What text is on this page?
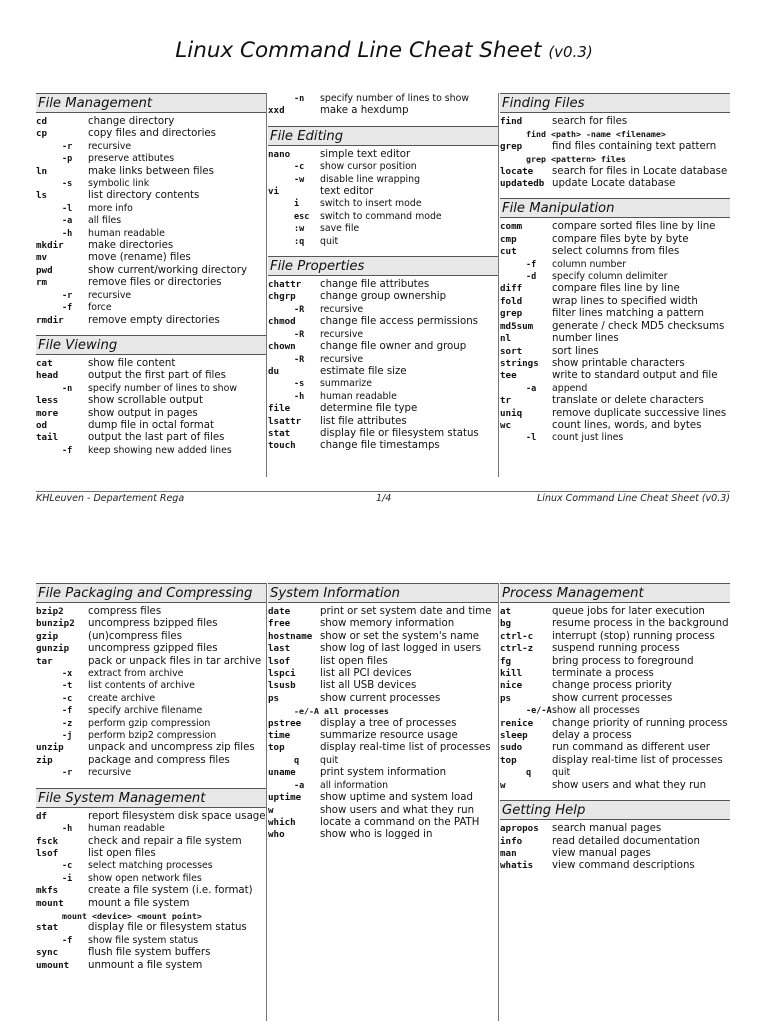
Linux Command Line Cheat Sheet (v0.3)
File Management
cd	change directory
cp	copy files and directories
-r	recursive
-p	preserve attibutes
ln	make links between files
-s	symbolic link
ls	list directory contents
-l	more info
-a	all files
-h	human readable
mkdir	make directories
mv	move (rename) files
pwd	show current/working directory
rm	remove files or directories
-r	recursive
-f	force
rmdir	remove empty directories
File Viewing
cat	show file content
head	output the first part of files
-n	specify number of lines to show
less	show scrollable output
more	show output in pages
od	dump file in octal format
tail	output the last part of files
-f	keep showing new added lines
-n	specify number of lines to show
xxd	make a hexdump
File Editing
nano	simple text editor
-c	show cursor position
-w	disable line wrapping
vi	text editor
i	switch to insert mode
esc	switch to command mode
:w	save file
:q	quit
File Properties
chattr	change file attributes
chgrp	change group ownership
-R	recursive
chmod	change file access permissions
-R	recursive
chown	change file owner and group
-R	recursive
du	estimate file size
-s	summarize
-h	human readable
file	determine file type
lsattr	list file attributes
stat	display file or filesystem status
touch	change file timestamps
Finding Files
find	search for files
find <path> -name <filename>
grep	find files containing text pattern
grep <pattern> files
locate	search for files in Locate database
updatedb update Locate database
File Manipulation
comm	compare sorted files line by line
cmp	compare files byte by byte
cut	select columns from files
-f	column number
-d	specify column delimiter
diff	compare files line by line
fold	wrap lines to specified width
grep	filter lines matching a pattern
md5sum	generate / check MD5 checksums
nl	number lines
sort	sort lines
strings	show printable characters
tee	write to standard output and file
-a	append
tr	translate or delete characters
uniq	remove duplicate successive lines
wc	count lines, words, and bytes
-l	count just lines
KHLeuven - Departement Rega	1/4	Linux Command Line Cheat Sheet (v0.3)
File Packaging and Compressing
bzip2	compress files
bunzip2	uncompress bzipped files
gzip	(un)compress files
gunzip	uncompress gzipped files
tar	pack or unpack files in tar archive
-x	extract from archive
-t	list contents of archive
-c	create archive
-f	specify archive filename
-z	perform gzip compression
-j	perform bzip2 compression
unzip	unpack and uncompress zip files
zip	package and compress files
-r	recursive
File System Management
df	report filesystem disk space usage
-h	human readable
fsck	check and repair a file system
lsof	list open files
-c	select matching processes
-i	show open network files
mkfs	create a file system (i.e. format)
mount	mount a file system
mount <device> <mount point>
stat	display file or filesystem status
-f	show file system status
sync	flush file system buffers
umount	unmount a file system
System Information
date	print or set system date and time
free	show memory information
hostname show or set the system's name
last	show log of last logged in users
lsof	list open files
lspci	list all PCI devices
lsusb	list all USB devices
ps	show current processes
-e/-A all processes
pstree	display a tree of processes
time	summarize resource usage
top	display real-time list of processes
q	quit
uname	print system information
-a	all information
uptime	show uptime and system load
w	show users and what they run
which	locate a command on the PATH
who	show who is logged in
Process Management
at	queue jobs for later execution
bg	resume process in the background
ctrl-c	interrupt (stop) running process
ctrl-z	suspend running process
fg	bring process to foreground
kill	terminate a process
nice	change process priority
ps	show current processes
-e/-A show all processes
renice	change priority of running process
sleep	delay a process
sudo	run command as different user
top	display real-time list of processes
q	quit
w	show users and what they run
Getting Help
apropos	search manual pages
info	read detailed documentation
man	view manual pages
whatis	view command descriptions
